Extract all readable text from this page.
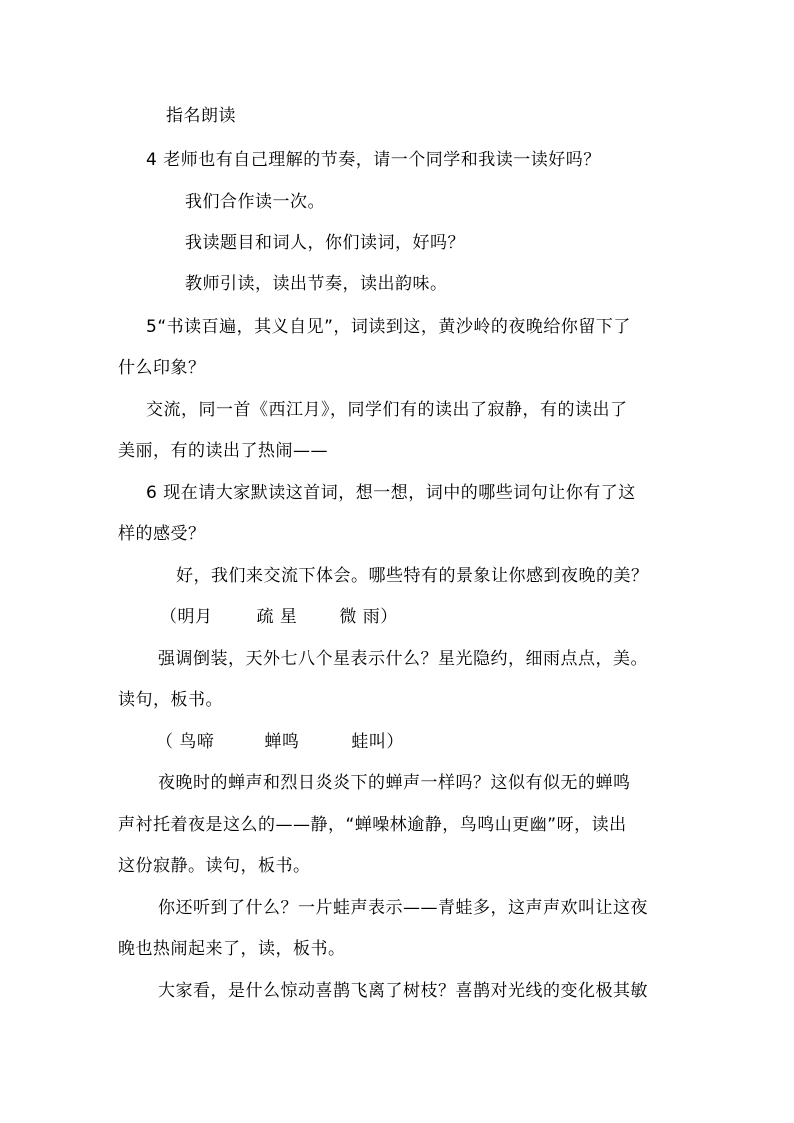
指名朗读
4 老师也有自己理解的节奏，请一个同学和我读一读好吗？
我们合作读一次。
我读题目和词人，你们读词，好吗？
教师引读，读出节奏，读出韵味。
5“书读百遍，其义自见”，词读到这，黄沙岭的夜晚给你留下了
什么印象？
交流，同一首《西江月》，同学们有的读出了寂静，有的读出了
美丽，有的读出了热闹——
6 现在请大家默读这首词，想一想，词中的哪些词句让你有了这
样的感受？
好，我们来交流下体会。哪些特有的景象让你感到夜晚的美？
（明月	疏 星 微 雨）
强调倒装，天外七八个星表示什么？星光隐约，细雨点点，美。
读句，板书。
（ 鸟啼	蝉鸣	蛙叫）
夜晚时的蝉声和烈日炎炎下的蝉声一样吗？这似有似无的蝉鸣
声衬托着夜是这么的——静，“蝉噪林逾静，鸟鸣山更幽”呀，读出
这份寂静。读句，板书。
你还听到了什么？一片蛙声表示——青蛙多，这声声欢叫让这夜
晚也热闹起来了，读，板书。
大家看，是什么惊动喜鹊飞离了树枝？喜鹊对光线的变化极其敏
